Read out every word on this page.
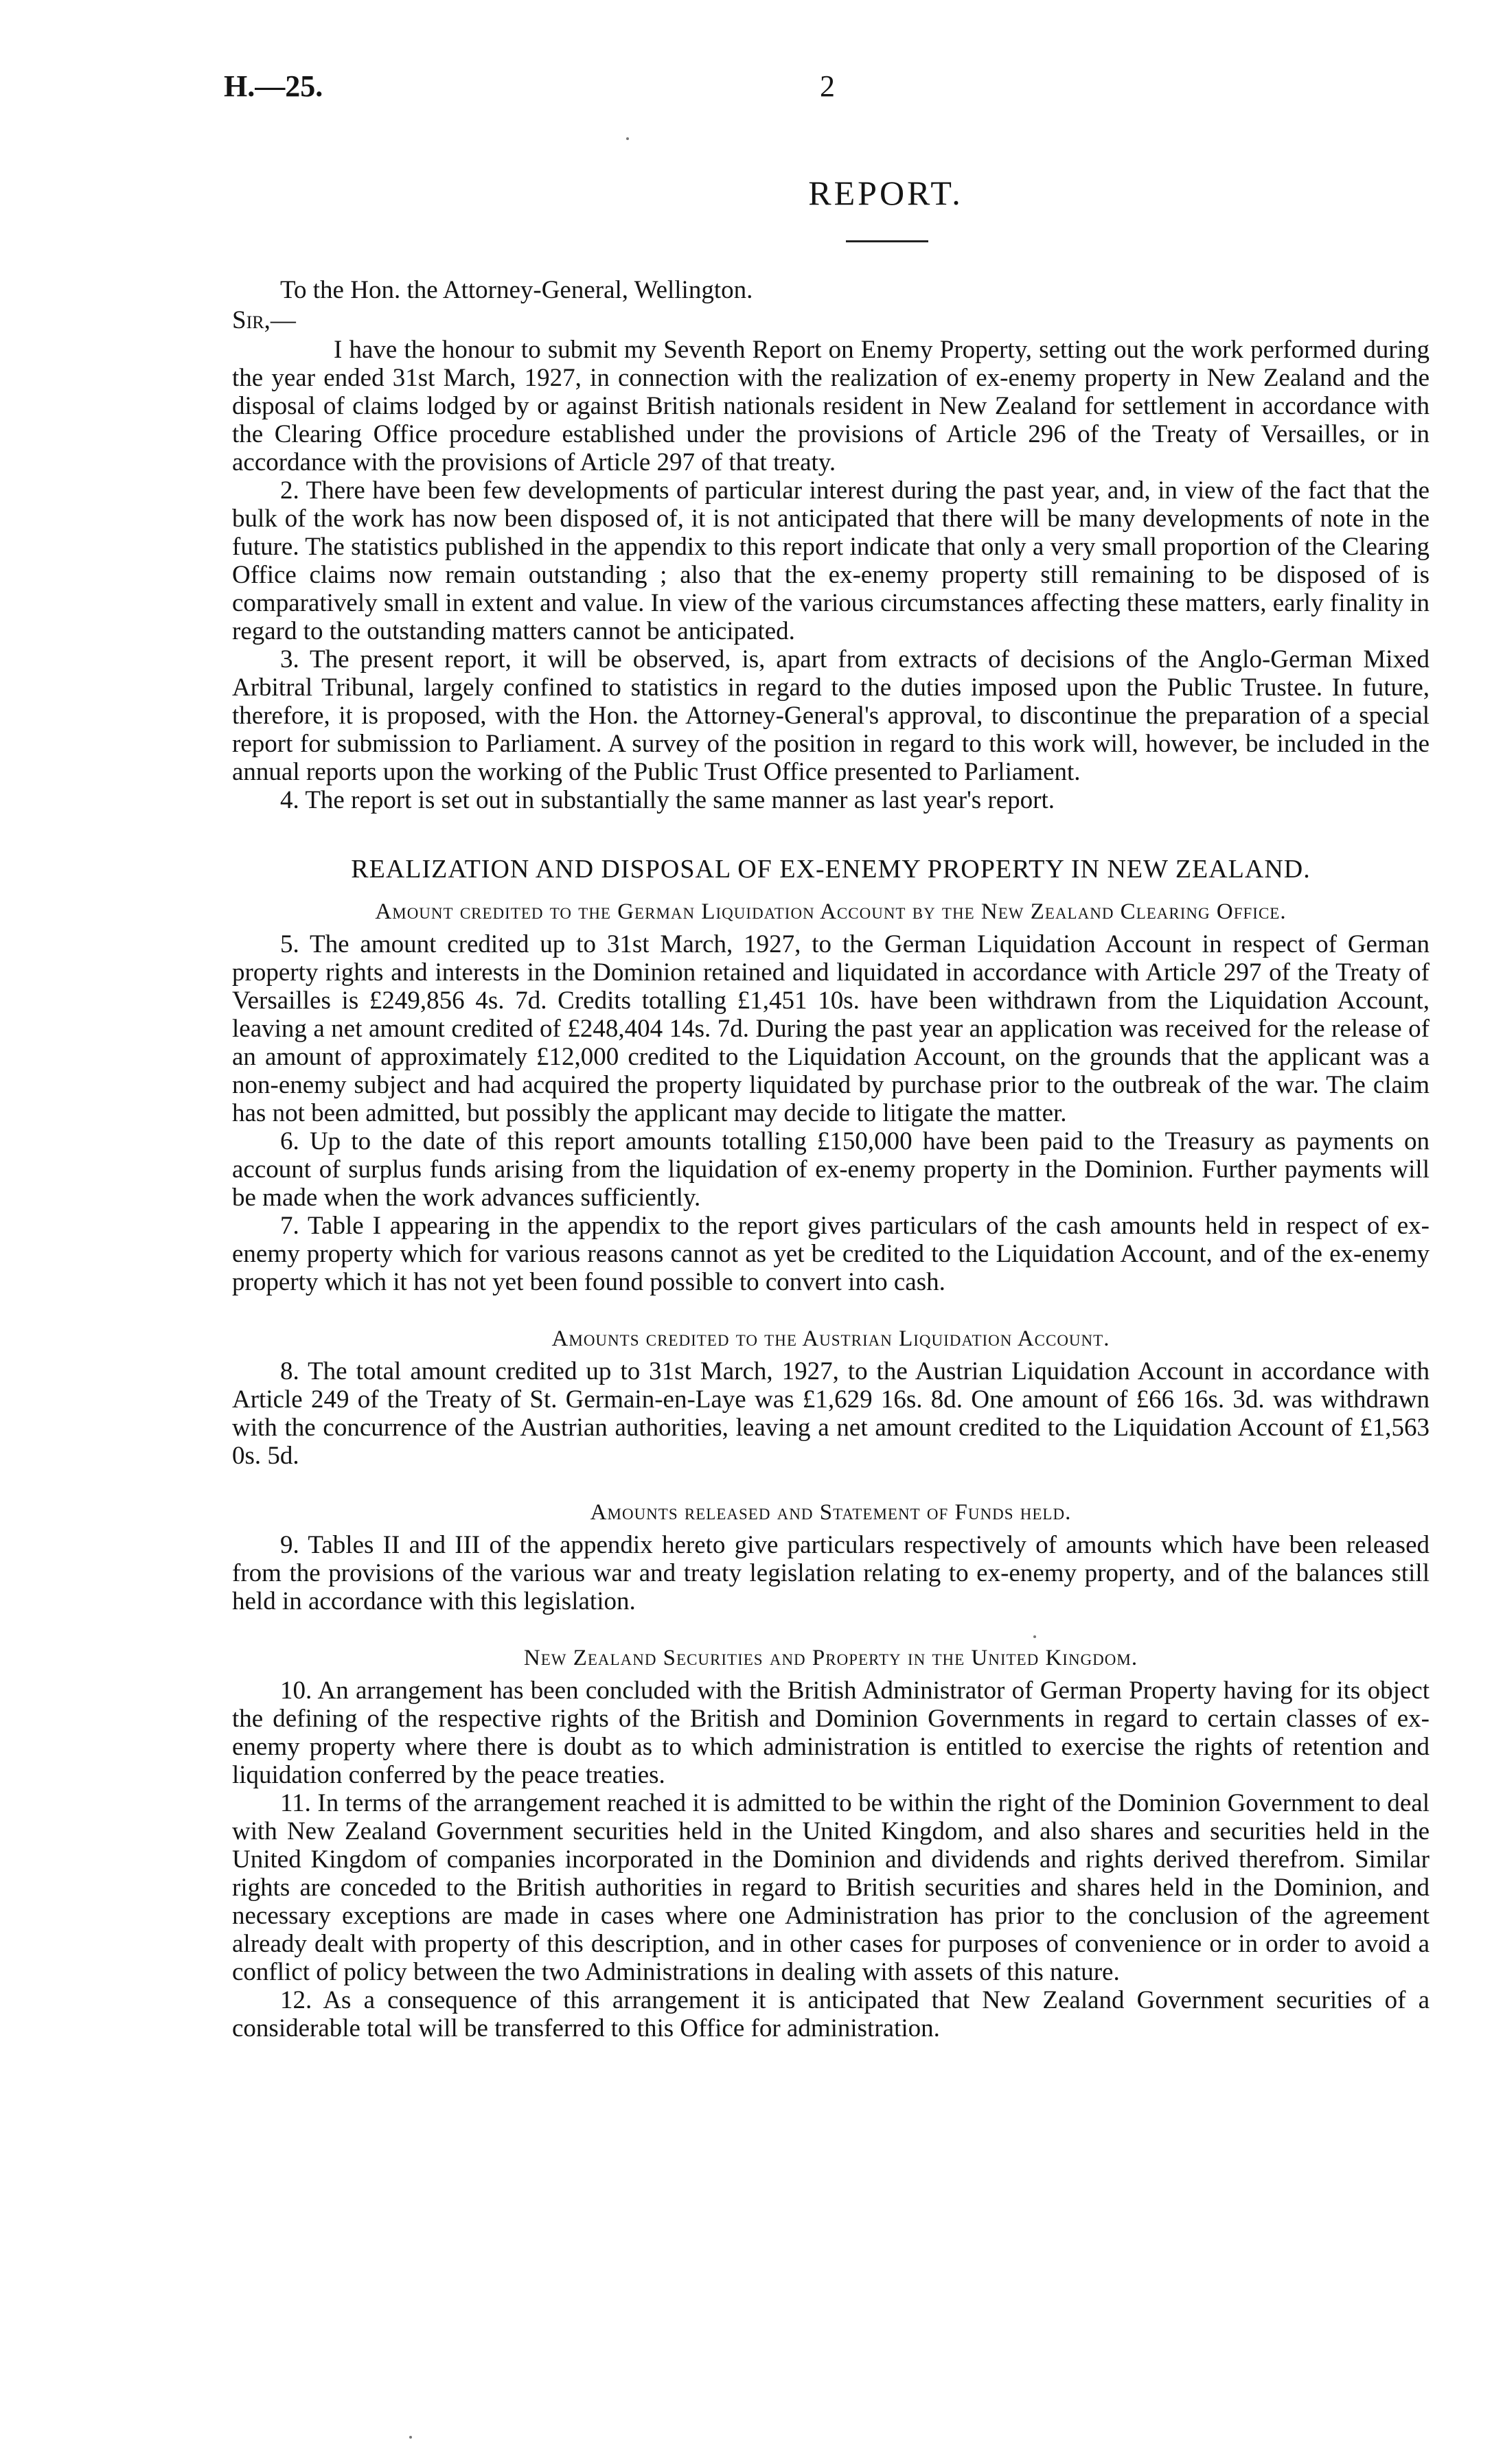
H.—25.	2
REPORT.
To the Hon. the Attorney-General, Wellington.
Sir,—

I have the honour to submit my Seventh Report on Enemy Property, setting out the work performed during the year ended 31st March, 1927, in connection with the realization of ex-enemy property in New Zealand and the disposal of claims lodged by or against British nationals resident in New Zealand for settlement in accordance with the Clearing Office procedure established under the provisions of Article 296 of the Treaty of Versailles, or in accordance with the provisions of Article 297 of that treaty.

2. There have been few developments of particular interest during the past year, and, in view of the fact that the bulk of the work has now been disposed of, it is not anticipated that there will be many developments of note in the future. The statistics published in the appendix to this report indicate that only a very small proportion of the Clearing Office claims now remain outstanding ; also that the ex-enemy property still remaining to be disposed of is comparatively small in extent and value. In view of the various circumstances affecting these matters, early finality in regard to the outstanding matters cannot be anticipated.

3. The present report, it will be observed, is, apart from extracts of decisions of the Anglo-German Mixed Arbitral Tribunal, largely confined to statistics in regard to the duties imposed upon the Public Trustee. In future, therefore, it is proposed, with the Hon. the Attorney-General's approval, to discontinue the preparation of a special report for submission to Parliament. A survey of the position in regard to this work will, however, be included in the annual reports upon the working of the Public Trust Office presented to Parliament.

4. The report is set out in substantially the same manner as last year's report.

REALIZATION AND DISPOSAL OF EX-ENEMY PROPERTY IN NEW ZEALAND.
Amount credited to the German Liquidation Account by the New Zealand Clearing Office.

5. The amount credited up to 31st March, 1927, to the German Liquidation Account in respect of German property rights and interests in the Dominion retained and liquidated in accordance with Article 297 of the Treaty of Versailles is £249,856 4s. 7d. Credits totalling £1,451 10s. have been withdrawn from the Liquidation Account, leaving a net amount credited of £248,404 14s. 7d. During the past year an application was received for the release of an amount of approximately £12,000 credited to the Liquidation Account, on the grounds that the applicant was a non-enemy subject and had acquired the property liquidated by purchase prior to the outbreak of the war. The claim has not been admitted, but possibly the applicant may decide to litigate the matter.

6. Up to the date of this report amounts totalling £150,000 have been paid to the Treasury as payments on account of surplus funds arising from the liquidation of ex-enemy property in the Dominion. Further payments will be made when the work advances sufficiently.

7. Table I appearing in the appendix to the report gives particulars of the cash amounts held in respect of ex-enemy property which for various reasons cannot as yet be credited to the Liquidation Account, and of the ex-enemy property which it has not yet been found possible to convert into cash.

Amounts credited to the Austrian Liquidation Account.

8. The total amount credited up to 31st March, 1927, to the Austrian Liquidation Account in accordance with Article 249 of the Treaty of St. Germain-en-Laye was £1,629 16s. 8d. One amount of £66 16s. 3d. was withdrawn with the concurrence of the Austrian authorities, leaving a net amount credited to the Liquidation Account of £1,563 0s. 5d.

Amounts released and Statement of Funds held.

9. Tables II and III of the appendix hereto give particulars respectively of amounts which have been released from the provisions of the various war and treaty legislation relating to ex-enemy property, and of the balances still held in accordance with this legislation.

New Zealand Securities and Property in the United Kingdom.

10. An arrangement has been concluded with the British Administrator of German Property having for its object the defining of the respective rights of the British and Dominion Governments in regard to certain classes of ex-enemy property where there is doubt as to which administration is entitled to exercise the rights of retention and liquidation conferred by the peace treaties.

11. In terms of the arrangement reached it is admitted to be within the right of the Dominion Government to deal with New Zealand Government securities held in the United Kingdom, and also shares and securities held in the United Kingdom of companies incorporated in the Dominion and dividends and rights derived therefrom. Similar rights are conceded to the British authorities in regard to British securities and shares held in the Dominion, and necessary exceptions are made in cases where one Administration has prior to the conclusion of the agreement already dealt with property of this description, and in other cases for purposes of convenience or in order to avoid a conflict of policy between the two Administrations in dealing with assets of this nature.

12. As a consequence of this arrangement it is anticipated that New Zealand Government securities of a considerable total will be transferred to this Office for administration.
